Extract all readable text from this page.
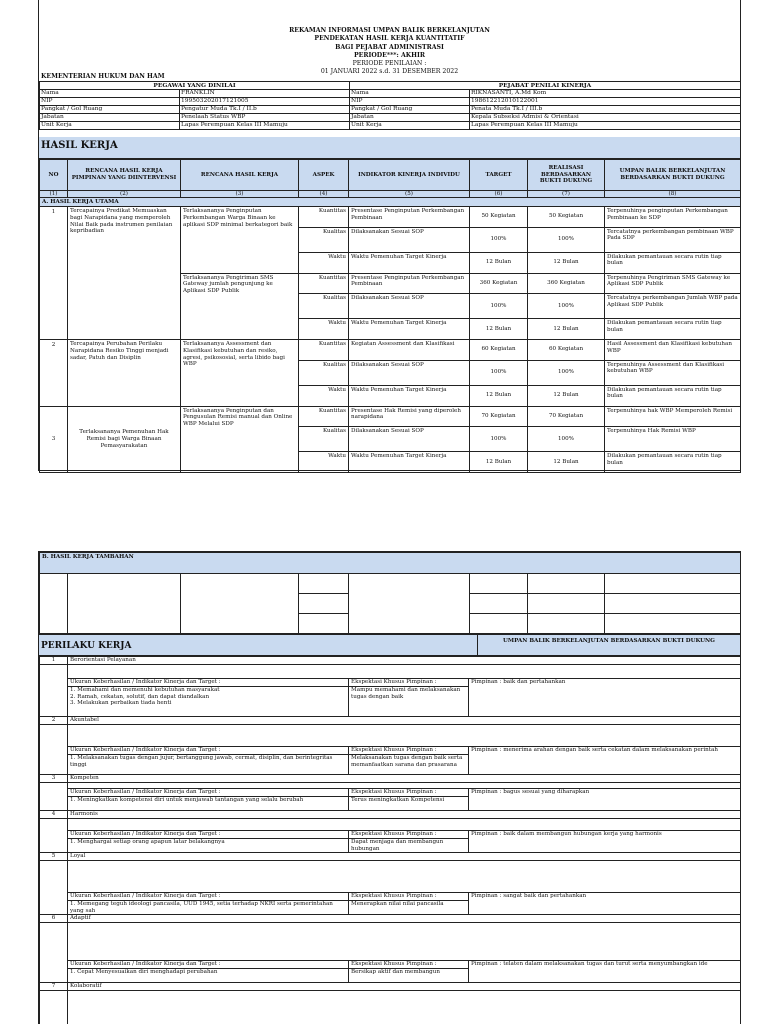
REKAMAN INFORMASI UMPAN BALIK BERKELANJUTAN
PENDEKATAN HASIL KERJA KUANTITATIF
BAGI PEJABAT ADMINISTRASI
PERIODE***: AKHIR
PERIODE PENILAIAN :
01 JANUARI 2022 s.d. 31 DESEMBER 2022
KEMENTERIAN HUKUM DAN HAM
PEGAWAI YANG DINILAI		PEJABAT PENILAI KINERJA	
Nama	FRANKLIN	Nama	RIKNASANTI, A.Md Kom
NIP	199503202017121005	NIP	198612212010122001
Pangkat / Gol Ruang	Pengatur Muda Tk.I / II.b	Pangkat / Gol Ruang	Penata Muda Tk.I / III.b
Jabatan	Penelaah Status WBP	Jabatan	Kepala Subseksi Admisi & Orientasi
Unit Kerja	Lapas Perempuan Kelas III Mamuju	Unit Kerja	Lapas Perempuan Kelas III Mamuju
HASIL KERJA
NO	RENCANA HASIL KERJA PIMPINAN YANG DIINTERVENSI	RENCANA HASIL KERJA	ASPEK	INDIKATOR KINERJA INDIVIDU	TARGET	REALISASI BERDASARKAN BUKTI DUKUNG	UMPAN BALIK BERKELANJUTAN BERDASARKAN BUKTI DUKUNG
(1)	(2)	(3)	(4)	(5)	(6)	(7)	(8)
A. HASIL KERJA UTAMA							
1	Tercapainya Predikat Memuaskan bagi Narapidana yang memperoleh Nilai Baik pada instrumen penilaian kepribadian	Terlaksananya Penginputan Perkembangan Warga Binaan ke aplikasi SDP minimal berkategori baik	Kuantitas	Presentase Penginputan Perkembangan Pembinaan	50 Kegiatan	50 Kegiatan	Terpenuhinya penginputan Perkembangan Pembinaan ke SDP
			Kualitas	Dilaksanakan Sesuai SOP	100%	100%	Tercatatnya perkembangan pembinaan WBP Pada SDP
			Waktu	Waktu Pemenuhan Target Kinerja	12 Bulan	12 Bulan	Dilakukan pemantauan secara rutin tiap bulan
		Terlaksananya Pengiriman SMS Gateway jumlah pengunjung ke Aplikasi SDP Publik	Kuantitas	Presentase Penginputan Perkembangan Pembinaan	360 Kegiatan	360 Kegiatan	Terpenuhinya Pengiriman SMS Gateway ke Aplikasi SDP Publik
			Kualitas	Dilaksanakan Sesuai SOP	100%	100%	Tercatatnya perkembangan Jumlah WBP pada Aplikasi SDP Publik
			Waktu	Waktu Pemenuhan Target Kinerja	12 Bulan	12 Bulan	Dilakukan pemantauan secara rutin tiap bulan
2	Tercapainya Perubahan Perilaku Narapidana Resiko Tinggi menjadi sadar, Patuh dan Disiplin	Terlaksananya Assessment dan Klasifikasi kebutuhan dan resiko, agresi, psikososial, serta libido bagi WBP	Kuantitas	Kegiatan Assessment dan Klasifikasi	60 Kegiatan	60 Kegiatan	Hasil Assessment dan Klasifikasi kebutuhan WBP
			Kualitas	Dilaksanakan Sesuai SOP	100%	100%	Terpenuhinya Assessment dan Klasifikasi kebutuhan WBP
			Waktu	Waktu Pemenuhan Target Kinerja	12 Bulan	12 Bulan	Dilakukan pemantauan secara rutin tiap bulan
3	Terlaksananya Pemenuhan Hak Remisi bagi Warga Binaan Pemasyarakatan	Terlaksananya Penginputan dan Pengusulan Remisi manual dan Online WBP Melalui SDP	Kuantitas	Presentase Hak Remisi yang diperoleh narapidana	70 Kegiatan	70 Kegiatan	Terpenuhinya hak WBP Memperoleh Remisi
			Kualitas	Dilaksanakan Sesuai SOP	100%	100%	Terpenuhinya Hak Remisi WBP
			Waktu	Waktu Pemenuhan Target Kinerja	12 Bulan	12 Bulan	Dilakukan pemantauan secara rutin tiap bulan
B. HASIL KERJA TAMBAHAN							

PERILAKU KERJA	UMPAN BALIK BERKELANJUTAN BERDASARKAN BUKTI DUKUNG
1	Berorientasi Pelayanan		

	Ukuran Keberhasilan / Indikator Kinerja dan Target :	Ekspektasi Khusus Pimpinan :	Pimpinan : baik dan pertahankan
	1. Memahami dan memenuhi kebutuhan masyarakat
2. Ramah, cekatan, solutif, dan dapat diandalkan
3. Melakukan perbaikan tiada henti	Mampu memahami dan melaksanakan tugas dengan baik	
2	Akuntabel		

	Ukuran Keberhasilan / Indikator Kinerja dan Target :	Ekspektasi Khusus Pimpinan :	Pimpinan : menerima arahan dengan baik serta cekatan dalam melaksanakan perintah
	1. Melaksanakan tugas dengan jujur, bertanggung jawab, cermat, disiplin, dan berintegritas tinggi	Melaksanakan tugas dengan baik serta memanfaatkan sarana dan prasarana	
3	Kompeten		

	Ukuran Keberhasilan / Indikator Kinerja dan Target :	Ekspektasi Khusus Pimpinan :	Pimpinan : bagus sesuai yang diharapkan
	1. Meningkatkan kompetensi diri untuk menjawab tantangan yang selalu berubah	Terus meningkatkan Kompetensi	
4	Harmonis		

	Ukuran Keberhasilan / Indikator Kinerja dan Target :	Ekspektasi Khusus Pimpinan :	Pimpinan : baik dalam membangun hubungan kerja yang harmonis
	1. Menghargai setiap orang apapun latar belakangnya	Dapat menjaga dan membangun hubungan	
5	Loyal		

	Ukuran Keberhasilan / Indikator Kinerja dan Target :	Ekspektasi Khusus Pimpinan :	Pimpinan : sangat baik dan pertahankan
	1. Memegang teguh ideologi pancasila, UUD 1945, setia terhadap NKRI serta pemerintahan yang sah	Menerapkan nilai nilai pancasila	
6	Adaptif		

	Ukuran Keberhasilan / Indikator Kinerja dan Target :	Ekspektasi Khusus Pimpinan :	Pimpinan : telaten dalam melaksanakan tugas dan turut serta menyumbangkan ide
	1. Cepat Menyesuaikan diri menghadapi perubahan	Bersikap aktif dan membangun	
7	Kolaboratif		
